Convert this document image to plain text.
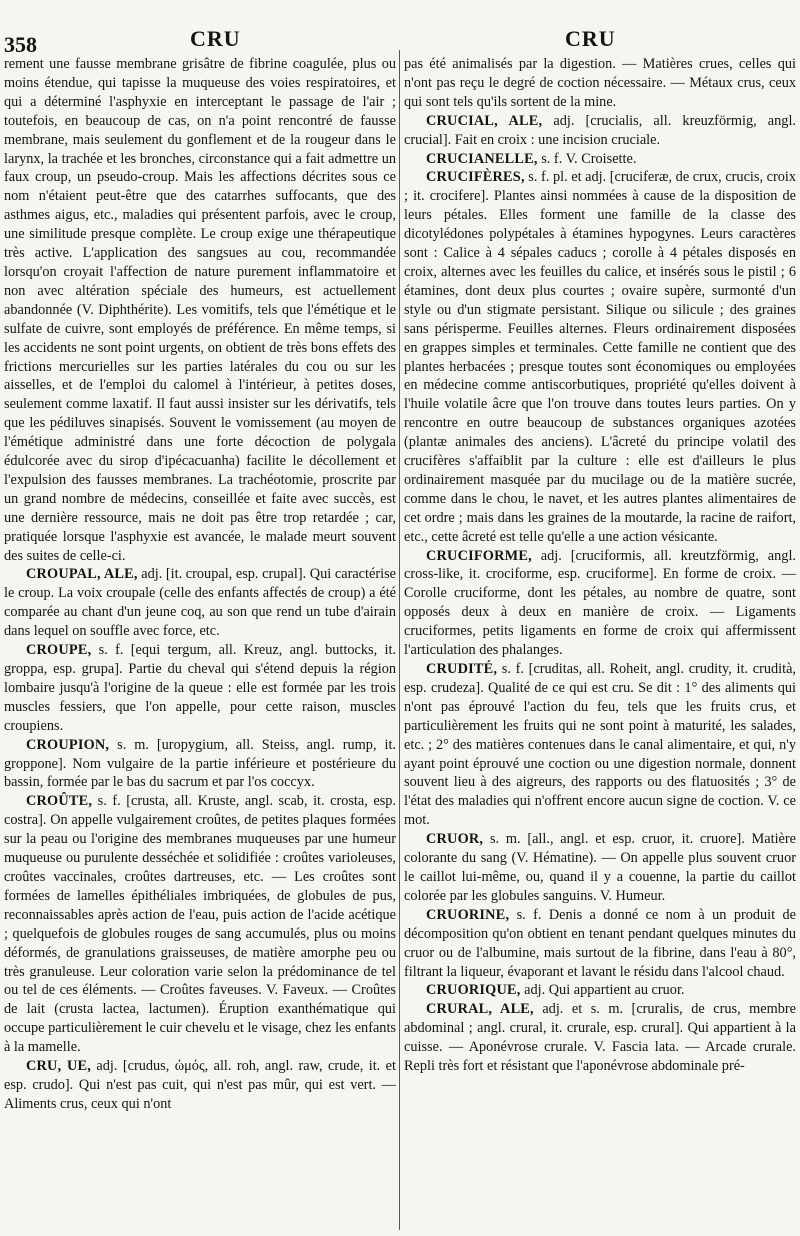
358	CRU	CRU

rement une fausse membrane grisâtre de fibrine coagulée, plus ou moins étendue, qui tapisse la muqueuse des voies respiratoires, et qui a déterminé l'asphyxie en interceptant le passage de l'air ; toutefois, en beaucoup de cas, on n'a point rencontré de fausse membrane, mais seulement du gonflement et de la rougeur dans le larynx, la trachée et les bronches, circonstance qui a fait admettre un faux croup, un pseudo-croup. Mais les affections décrites sous ce nom n'étaient peut-être que des catarrhes suffocants, que des asthmes aigus, etc., maladies qui présentent parfois, avec le croup, une similitude presque complète. Le croup exige une thérapeutique très active. L'application des sangsues au cou, recommandée lorsqu'on croyait l'affection de nature purement inflammatoire et non avec altération spéciale des humeurs, est actuellement abandonnée (V. Diphthérite). Les vomitifs, tels que l'émétique et le sulfate de cuivre, sont employés de préférence. En même temps, si les accidents ne sont point urgents, on obtient de très bons effets des frictions mercurielles sur les parties latérales du cou ou sur les aisselles, et de l'emploi du calomel à l'intérieur, à petites doses, seulement comme laxatif. Il faut aussi insister sur les dérivatifs, tels que les pédiluves sinapisés. Souvent le vomissement (au moyen de l'émétique administré dans une forte décoction de polygala édulcorée avec du sirop d'ipécacuanha) facilite le décollement et l'expulsion des fausses membranes. La trachéotomie, proscrite par un grand nombre de médecins, conseillée et faite avec succès, est une dernière ressource, mais ne doit pas être trop retardée ; car, pratiquée lorsque l'asphyxie est avancée, le malade meurt souvent des suites de celle-ci.

CROUPAL, ALE, adj. [it. croupal, esp. crupal]. Qui caractérise le croup. La voix croupale (celle des enfants affectés de croup) a été comparée au chant d'un jeune coq, au son que rend un tube d'airain dans lequel on souffle avec force, etc.

CROUPE, s. f. [equi tergum, all. Kreuz, angl. buttocks, it. groppa, esp. grupa]. Partie du cheval qui s'étend depuis la région lombaire jusqu'à l'origine de la queue : elle est formée par les trois muscles fessiers, que l'on appelle, pour cette raison, muscles croupiens.

CROUPION, s. m. [uropygium, all. Steiss, angl. rump, it. groppone]. Nom vulgaire de la partie inférieure et postérieure du bassin, formée par le bas du sacrum et par l'os coccyx.

CROÛTE, s. f. [crusta, all. Kruste, angl. scab, it. crosta, esp. costra]. On appelle vulgairement croûtes, de petites plaques formées sur la peau ou l'origine des membranes muqueuses par une humeur muqueuse ou purulente desséchée et solidifiée : croûtes varioleuses, croûtes vaccinales, croûtes dartreuses, etc. — Les croûtes sont formées de lamelles épithéliales imbriquées, de globules de pus, reconnaissables après action de l'eau, puis action de l'acide acétique ; quelquefois de globules rouges de sang accumulés, plus ou moins déformés, de granulations graisseuses, de matière amorphe peu ou très granuleuse. Leur coloration varie selon la prédominance de tel ou tel de ces éléments. — Croûtes faveuses. V. Faveux. — Croûtes de lait (crusta lactea, lactumen). Éruption exanthématique qui occupe particulièrement le cuir chevelu et le visage, chez les enfants à la mamelle.

CRU, UE, adj. [crudus, ὠμός, all. roh, angl. raw, crude, it. et esp. crudo]. Qui n'est pas cuit, qui n'est pas mûr, qui est vert. — Aliments crus, ceux qui n'ont

pas été animalisés par la digestion. — Matières crues, celles qui n'ont pas reçu le degré de coction nécessaire. — Métaux crus, ceux qui sont tels qu'ils sortent de la mine.

CRUCIAL, ALE, adj. [crucialis, all. kreuzförmig, angl. crucial]. Fait en croix : une incision cruciale.

CRUCIANELLE, s. f. V. Croisette.

CRUCIFÈRES, s. f. pl. et adj. [cruciferæ, de crux, crucis, croix ; it. crocifere]. Plantes ainsi nommées à cause de la disposition de leurs pétales. Elles forment une famille de la classe des dicotylédones polypétales à étamines hypogynes. Leurs caractères sont : Calice à 4 sépales caducs ; corolle à 4 pétales disposés en croix, alternes avec les feuilles du calice, et insérés sous le pistil ; 6 étamines, dont deux plus courtes ; ovaire supère, surmonté d'un style ou d'un stigmate persistant. Silique ou silicule ; des graines sans périsperme. Feuilles alternes. Fleurs ordinairement disposées en grappes simples et terminales. Cette famille ne contient que des plantes herbacées ; presque toutes sont économiques ou employées en médecine comme antiscorbutiques, propriété qu'elles doivent à l'huile volatile âcre que l'on trouve dans toutes leurs parties. On y rencontre en outre beaucoup de substances organiques azotées (plantæ animales des anciens). L'âcreté du principe volatil des crucifères s'affaiblit par la culture : elle est d'ailleurs le plus ordinairement masquée par du mucilage ou de la matière sucrée, comme dans le chou, le navet, et les autres plantes alimentaires de cet ordre ; mais dans les graines de la moutarde, la racine de raifort, etc., cette âcreté est telle qu'elle a une action vésicante.

CRUCIFORME, adj. [cruciformis, all. kreutzförmig, angl. cross-like, it. crociforme, esp. cruciforme]. En forme de croix. — Corolle cruciforme, dont les pétales, au nombre de quatre, sont opposés deux à deux en manière de croix. — Ligaments cruciformes, petits ligaments en forme de croix qui affermissent l'articulation des phalanges.

CRUDITÉ, s. f. [cruditas, all. Roheit, angl. crudity, it. crudità, esp. crudeza]. Qualité de ce qui est cru. Se dit : 1° des aliments qui n'ont pas éprouvé l'action du feu, tels que les fruits crus, et particulièrement les fruits qui ne sont point à maturité, les salades, etc. ; 2° des matières contenues dans le canal alimentaire, et qui, n'y ayant point éprouvé une coction ou une digestion normale, donnent souvent lieu à des aigreurs, des rapports ou des flatuosités ; 3° de l'état des maladies qui n'offrent encore aucun signe de coction. V. ce mot.

CRUOR, s. m. [all., angl. et esp. cruor, it. cruore]. Matière colorante du sang (V. Hématine). — On appelle plus souvent cruor le caillot lui-même, ou, quand il y a couenne, la partie du caillot colorée par les globules sanguins. V. Humeur.

CRUORINE, s. f. Denis a donné ce nom à un produit de décomposition qu'on obtient en tenant pendant quelques minutes du cruor ou de l'albumine, mais surtout de la fibrine, dans l'eau à 80°, filtrant la liqueur, évaporant et lavant le résidu dans l'alcool chaud.

CRUORIQUE, adj. Qui appartient au cruor.

CRURAL, ALE, adj. et s. m. [cruralis, de crus, membre abdominal ; angl. crural, it. crurale, esp. crural]. Qui appartient à la cuisse. — Aponévrose crurale. V. Fascia lata. — Arcade crurale. Repli très fort et résistant que l'aponévrose abdominale pré-
